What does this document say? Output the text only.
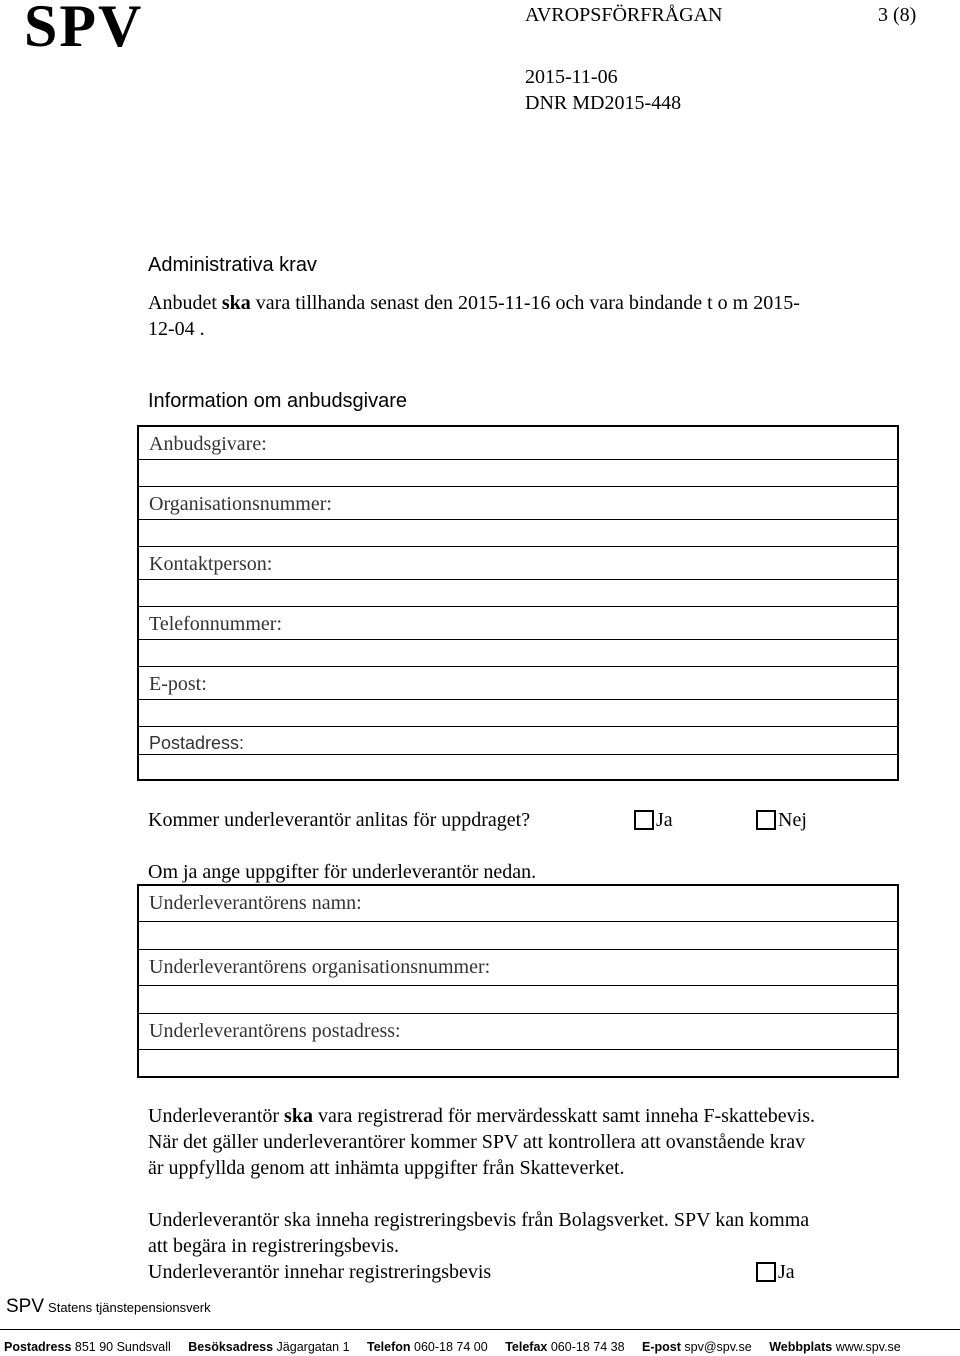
SPV	AVROPSFÖRFRÅGAN	3 (8)
2015-11-06
DNR MD2015-448
Administrativa krav
Anbudet ska vara tillhanda senast den 2015-11-16 och vara bindande t o m 2015-
12-04 .
Information om anbudsgivare
Anbudsgivare:
Organisationsnummer:
Kontaktperson:
Telefonnummer:
E-post:
Postadress:
Kommer underleverantör anlitas för uppdraget?	Ja	Nej
Om ja ange uppgifter för underleverantör nedan.
Underleverantörens namn:
Underleverantörens organisationsnummer:
Underleverantörens postadress:
Underleverantör ska vara registrerad för mervärdesskatt samt inneha F-skattebevis.
När det gäller underleverantörer kommer SPV att kontrollera att ovanstående krav
är uppfyllda genom att inhämta uppgifter från Skatteverket.
Underleverantör ska inneha registreringsbevis från Bolagsverket. SPV kan komma
att begära in registreringsbevis.
Underleverantör innehar registreringsbevis	Ja
SPV Statens tjänstepensionsverk
Postadress 851 90 Sundsvall Besöksadress Jägargatan 1 Telefon 060-18 74 00 Telefax 060-18 74 38 E-post spv@spv.se Webbplats www.spv.se
